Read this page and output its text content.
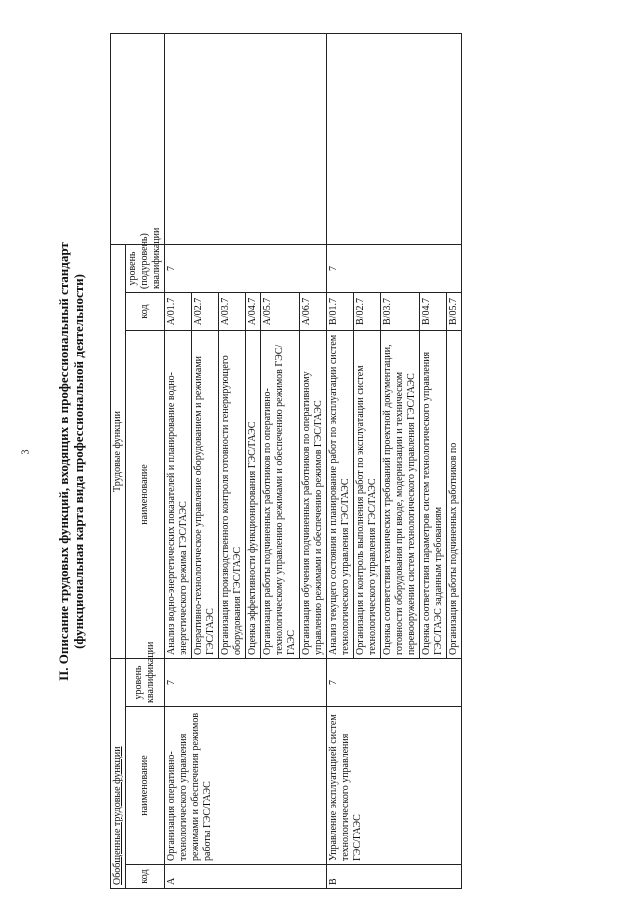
3 II. Описание трудовых функций, входящих в профессиональный стандарт (функциональная карта вида профессиональной деятельности)
Обобщенные трудовые функции			Трудовые функции			
код	наименование	уровень квалификации	наименование	код	уровень (подуровень) квалификации	
A	Организация оперативно-технологического управления режимами и обеспечения режимов работы ГЭС/ГАЭС	7	Анализ водно-энергетических показателей и планирование водно-энергетического режима ГЭС/ГАЭС	A/01.7	7	
			Оперативно-технологическое управление оборудованием и режимами ГЭС/ГАЭС	A/02.7		
			Организация производственного контроля готовности генерирующего оборудования ГЭС/ГАЭС	A/03.7		
			Оценка эффективности функционирования ГЭС/ГАЭС	A/04.7		
			Организация работы подчиненных работников по оперативно-технологическому управлению режимами и обеспечению режимов ГЭС/ГАЭС	A/05.7		
			Организация обучения подчиненных работников по оперативному управлению режимами и обеспечению режимов ГЭС/ГАЭС	A/06.7		
B	Управление эксплуатацией систем технологического управления ГЭС/ГАЭС	7	Анализ текущего состояния и планирование работ по эксплуатации систем технологического управления ГЭС/ГАЭС	B/01.7	7	
			Организация и контроль выполнения работ по эксплуатации систем технологического управления ГЭС/ГАЭС	B/02.7		
			Оценка соответствия технических требований проектной документации, готовности оборудования при вводе, модернизации и техническом перевооружении систем технологического управления ГЭС/ГАЭС	B/03.7		
			Оценка соответствия параметров систем технологического управления ГЭС/ГАЭС заданным требованиям	B/04.7		
			Организация работы подчиненных работников по	B/05.7		
